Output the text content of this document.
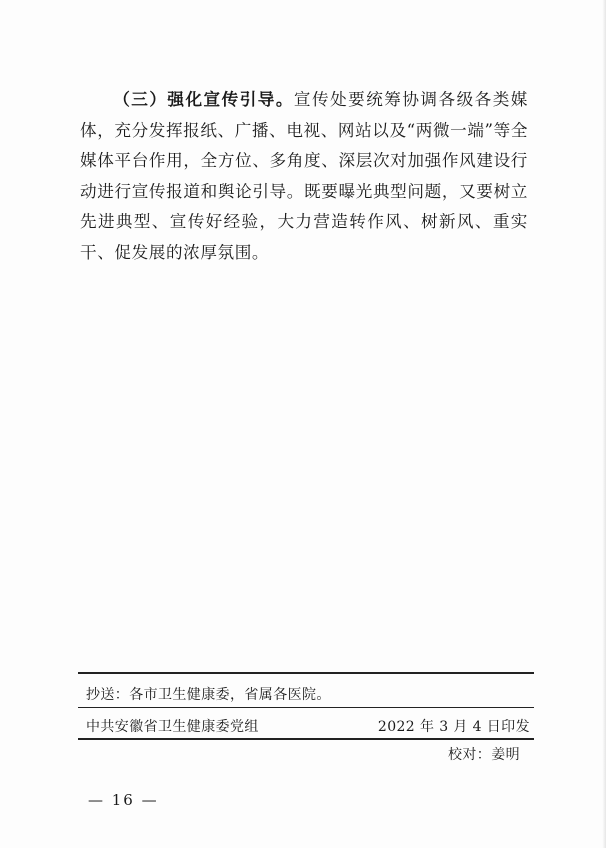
（三）强化宣传引导。宣传处要统筹协调各级各类媒体，充分发挥报纸、广播、电视、网站以及“两微一端”等全媒体平台作用，全方位、多角度、深层次对加强作风建设行动进行宣传报道和舆论引导。既要曝光典型问题，又要树立先进典型、宣传好经验，大力营造转作风、树新风、重实干、促发展的浓厚氛围。

抄送：各市卫生健康委，省属各医院。
中共安徽省卫生健康委党组	2022 年 3 月 4 日印发
校对：姜明
— 16 —
